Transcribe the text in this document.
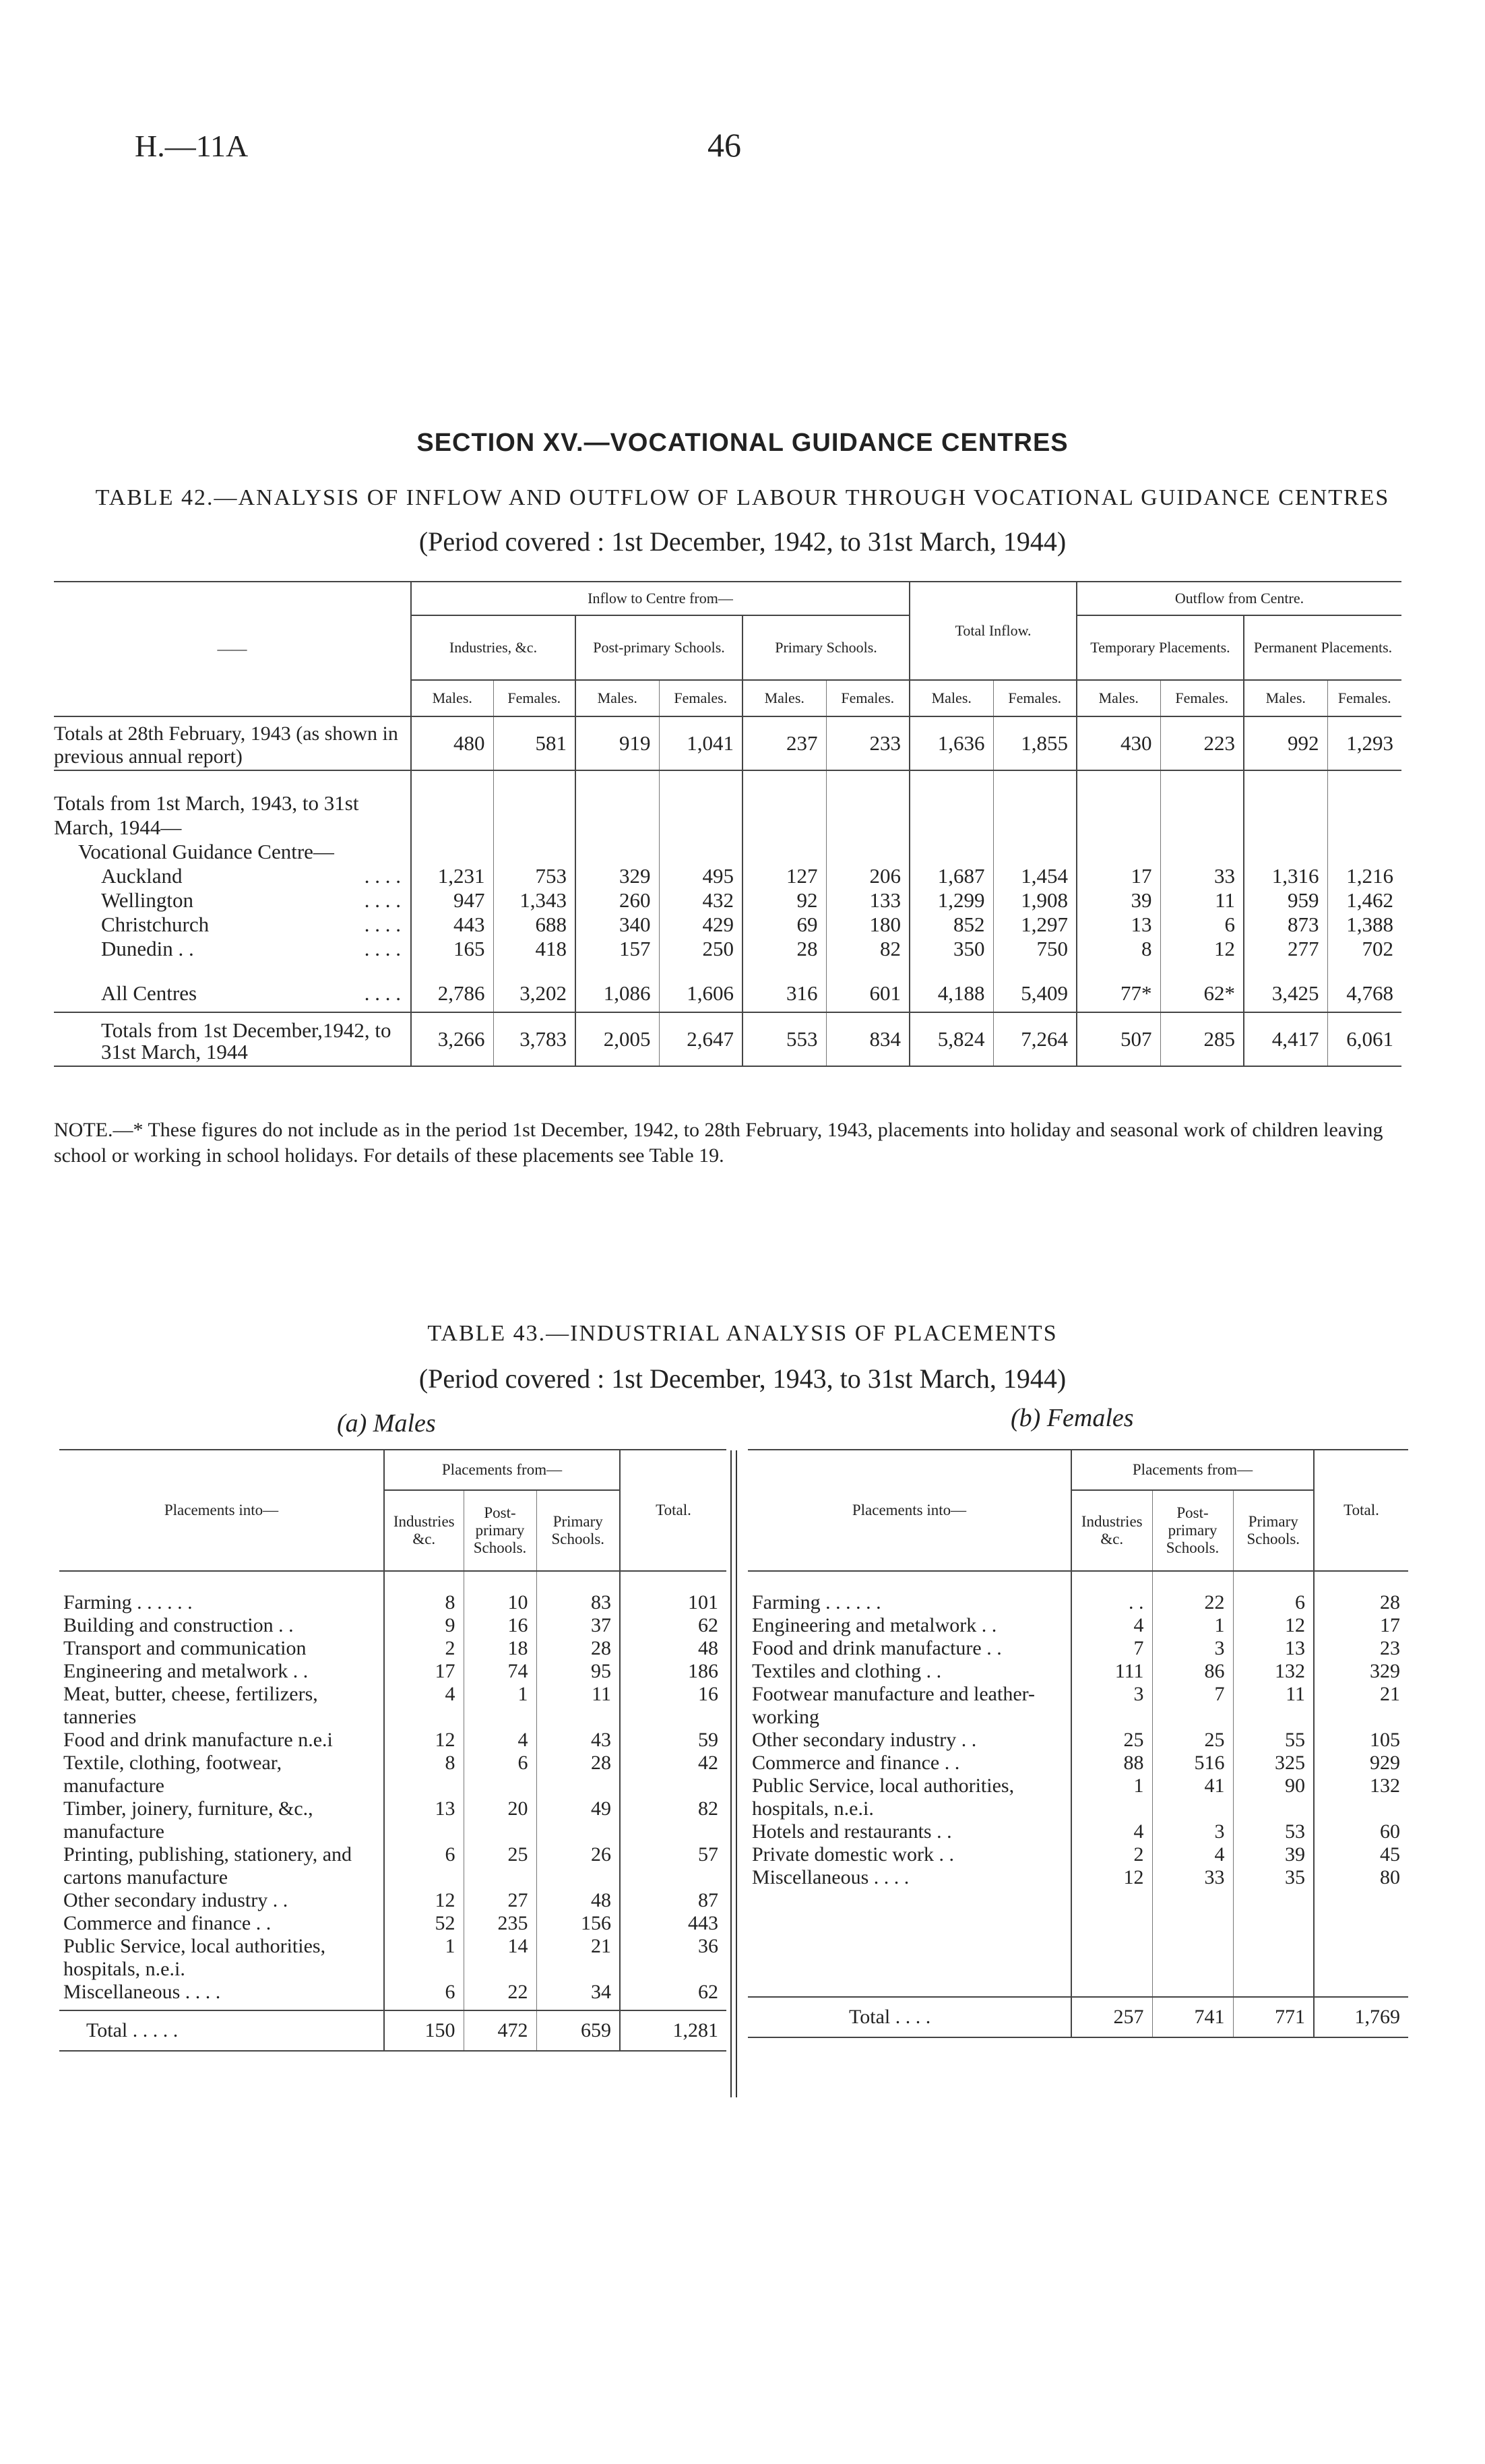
H.—11A	46
SECTION XV.—VOCATIONAL GUIDANCE CENTRES
TABLE 42.—ANALYSIS OF INFLOW AND OUTFLOW OF LABOUR THROUGH VOCATIONAL GUIDANCE CENTRES
(Period covered : 1st December, 1942, to 31st March, 1944)
——	Inflow to Centre from—						Total Inflow.		Outflow from Centre.			
	Industries, &c.		Post-primary Schools.		Primary Schools.				Temporary Placements.		Permanent Placements.	
	Males.	Females.	Males.	Females.	Males.	Females.	Males.	Females.	Males.	Females.	Males.	Females.
Totals at 28th February, 1943 (as shown in previous annual report)	480	581	919	1,041	237	233	1,636	1,855	430	223	992	1,293
Totals from 1st March, 1943, to 31st March, 1944—												
Vocational Guidance Centre—												
Auckland . . . .	1,231	753	329	495	127	206	1,687	1,454	17	33	1,316	1,216
Wellington . . . .	947	1,343	260	432	92	133	1,299	1,908	39	11	959	1,462
Christchurch . . . .	443	688	340	429	69	180	852	1,297	13	6	873	1,388
Dunedin . . . . . .	165	418	157	250	28	82	350	750	8	12	277	702
All Centres . . . .	2,786	3,202	1,086	1,606	316	601	4,188	5,409	77*	62*	3,425	4,768
Totals from 1st December,1942, to 31st March, 1944	3,266	3,783	2,005	2,647	553	834	5,824	7,264	507	285	4,417	6,061
NOTE.—* These figures do not include as in the period 1st December, 1942, to 28th February, 1943, placements into holiday and seasonal work of children leaving school or working in school holidays. For details of these placements see Table 19.
TABLE 43.—INDUSTRIAL ANALYSIS OF PLACEMENTS
(Period covered : 1st December, 1943, to 31st March, 1944)
(a) Males	(b) Females
Placements into—	Placements from—			Total.
	Industries &c.	Post-primary Schools.	Primary Schools.	

Farming . . . . . .	8	10	83	101
Building and construction . .	9	16	37	62
Transport and communication	2	18	28	48
Engineering and metalwork . .	17	74	95	186
Meat, butter, cheese, fertilizers, tanneries	4	1	11	16
Food and drink manufacture n.e.i	12	4	43	59
Textile, clothing, footwear, manufacture	8	6	28	42
Timber, joinery, furniture, &c., manufacture	13	20	49	82
Printing, publishing, stationery, and cartons manufacture	6	25	26	57
Other secondary industry . .	12	27	48	87
Commerce and finance . .	52	235	156	443
Public Service, local authorities, hospitals, n.e.i.	1	14	21	36
Miscellaneous . . . .	6	22	34	62

Total . . . . .	150	472	659	1,281
Placements into—	Placements from—			Total.
	Industries &c.	Post-primary Schools.	Primary Schools.	

Farming . . . . . .	. .	22	6	28
Engineering and metalwork . .	4	1	12	17
Food and drink manufacture . .	7	3	13	23
Textiles and clothing . .	111	86	132	329
Footwear manufacture and leather-working	3	7	11	21
Other secondary industry . .	25	25	55	105
Commerce and finance . .	88	516	325	929
Public Service, local authorities, hospitals, n.e.i.	1	41	90	132
Hotels and restaurants . .	4	3	53	60
Private domestic work . .	2	4	39	45
Miscellaneous . . . .	12	33	35	80

Total . . . .	257	741	771	1,769
